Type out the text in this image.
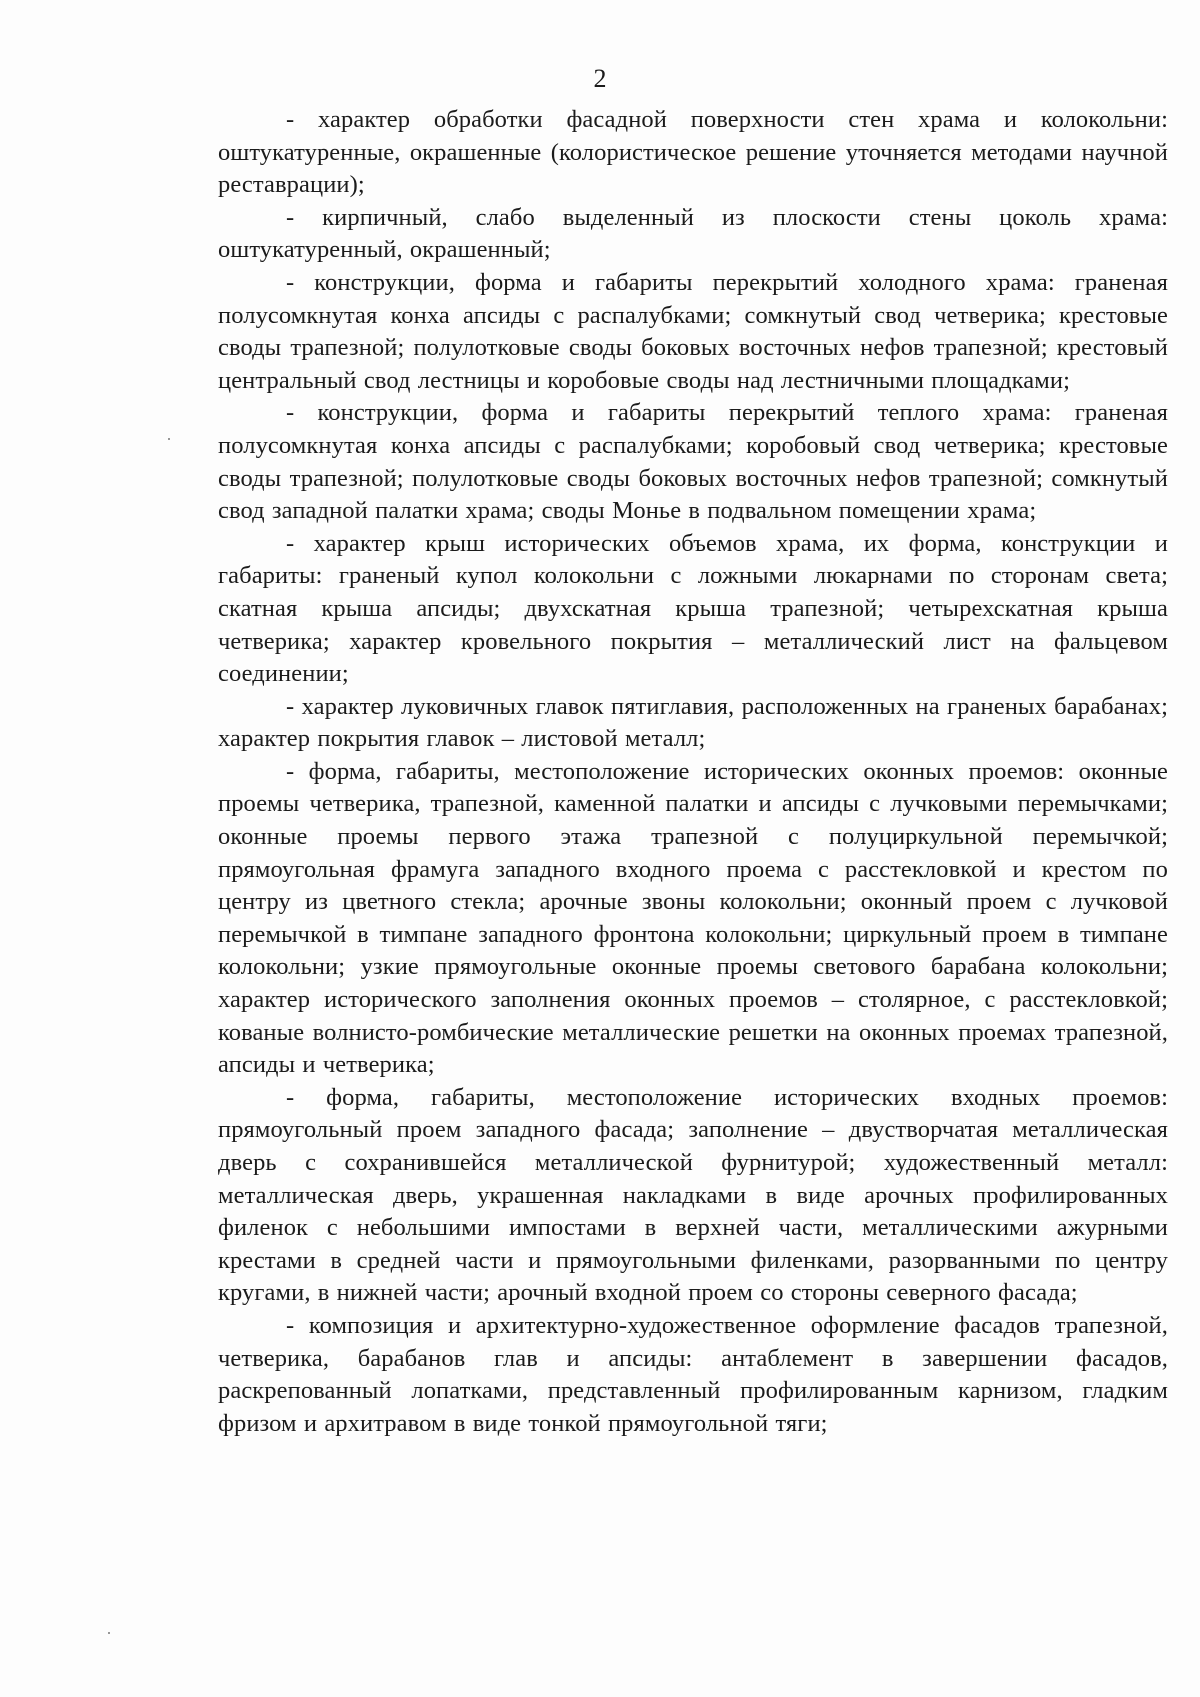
2

- характер обработки фасадной поверхности стен храма и колокольни: оштукатуренные, окрашенные (колористическое решение уточняется методами научной реставрации);

- кирпичный, слабо выделенный из плоскости стены цоколь храма: оштукатуренный, окрашенный;

- конструкции, форма и габариты перекрытий холодного храма: граненая полусомкнутая конха апсиды с распалубками; сомкнутый свод четверика; крестовые своды трапезной; полулотковые своды боковых восточных нефов трапезной; крестовый центральный свод лестницы и коробовые своды над лестничными площадками;

- конструкции, форма и габариты перекрытий теплого храма: граненая полусомкнутая конха апсиды с распалубками; коробовый свод четверика; крестовые своды трапезной; полулотковые своды боковых восточных нефов трапезной; сомкнутый свод западной палатки храма; своды Монье в подвальном помещении храма;

- характер крыш исторических объемов храма, их форма, конструкции и габариты: граненый купол колокольни с ложными люкарнами по сторонам света; скатная крыша апсиды; двухскатная крыша трапезной; четырехскатная крыша четверика; характер кровельного покрытия – металлический лист на фальцевом соединении;

- характер луковичных главок пятиглавия, расположенных на граненых барабанах; характер покрытия главок – листовой металл;

- форма, габариты, местоположение исторических оконных проемов: оконные проемы четверика, трапезной, каменной палатки и апсиды с лучковыми перемычками; оконные проемы первого этажа трапезной с полуциркульной перемычкой; прямоугольная фрамуга западного входного проема с расстекловкой и крестом по центру из цветного стекла; арочные звоны колокольни; оконный проем с лучковой перемычкой в тимпане западного фронтона колокольни; циркульный проем в тимпане колокольни; узкие прямоугольные оконные проемы светового барабана колокольни; характер исторического заполнения оконных проемов – столярное, с расстекловкой; кованые волнисто-ромбические металлические решетки на оконных проемах трапезной, апсиды и четверика;

- форма, габариты, местоположение исторических входных проемов: прямоугольный проем западного фасада; заполнение – двустворчатая металлическая дверь с сохранившейся металлической фурнитурой; художественный металл: металлическая дверь, украшенная накладками в виде арочных профилированных филенок с небольшими импостами в верхней части, металлическими ажурными крестами в средней части и прямоугольными филенками, разорванными по центру кругами, в нижней части; арочный входной проем со стороны северного фасада;

- композиция и архитектурно-художественное оформление фасадов трапезной, четверика, барабанов глав и апсиды: антаблемент в завершении фасадов, раскрепованный лопатками, представленный профилированным карнизом, гладким фризом и архитравом в виде тонкой прямоугольной тяги;
